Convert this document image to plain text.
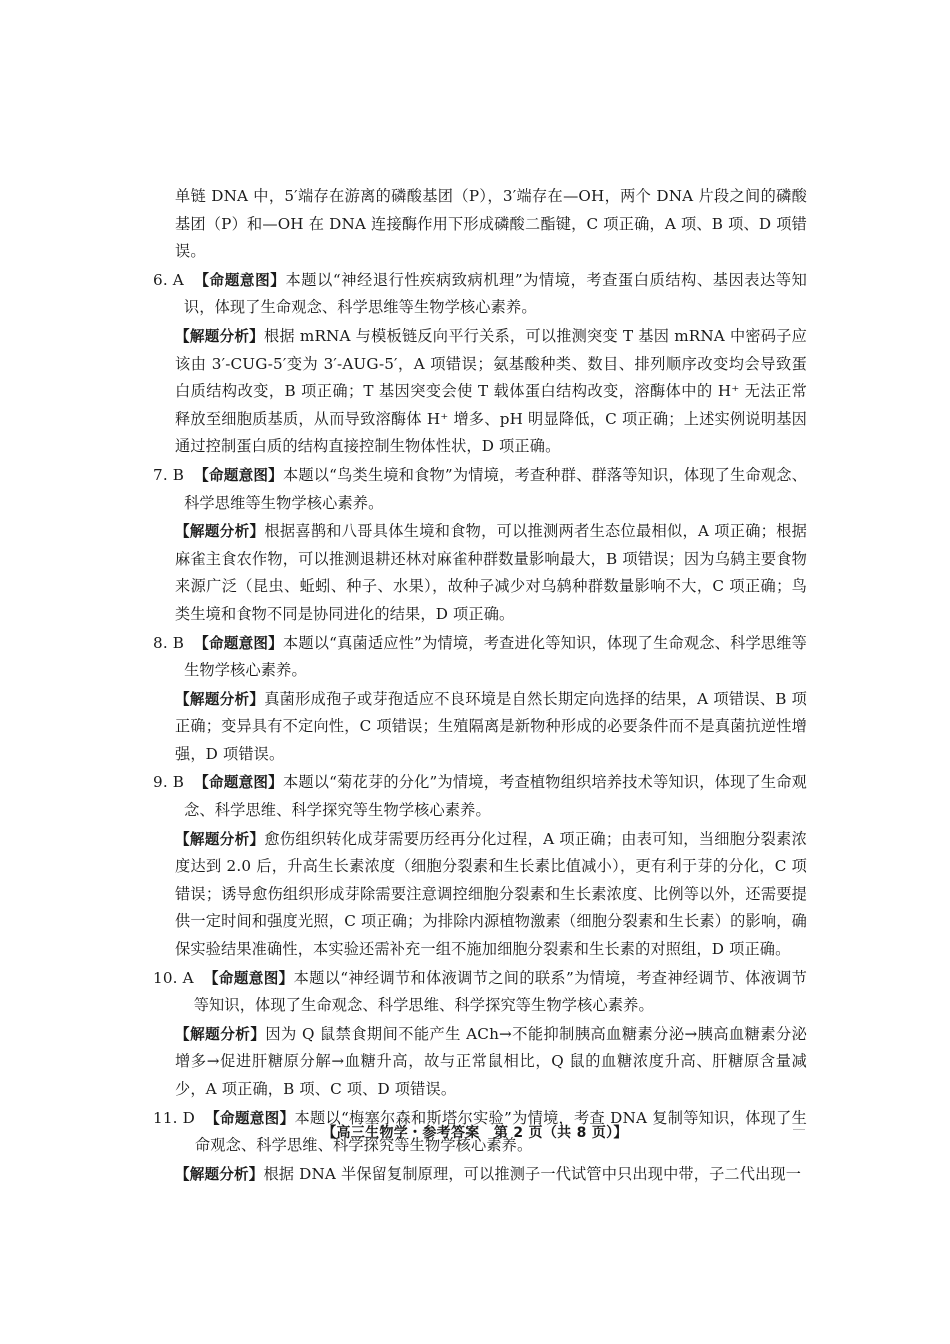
单链 DNA 中，5′端存在游离的磷酸基团（P），3′端存在—OH，两个 DNA 片段之间的磷酸基团（P）和—OH 在 DNA 连接酶作用下形成磷酸二酯键，C 项正确，A 项、B 项、D 项错误。

6. A 【命题意图】本题以“神经退行性疾病致病机理”为情境，考查蛋白质结构、基因表达等知识，体现了生命观念、科学思维等生物学核心素养。

【解题分析】根据 mRNA 与模板链反向平行关系，可以推测突变 T 基因 mRNA 中密码子应该由 3′-CUG-5′变为 3′-AUG-5′，A 项错误；氨基酸种类、数目、排列顺序改变均会导致蛋白质结构改变，B 项正确；T 基因突变会使 T 载体蛋白结构改变，溶酶体中的 H⁺ 无法正常释放至细胞质基质，从而导致溶酶体 H⁺ 增多、pH 明显降低，C 项正确；上述实例说明基因通过控制蛋白质的结构直接控制生物体性状，D 项正确。

7. B 【命题意图】本题以“鸟类生境和食物”为情境，考查种群、群落等知识，体现了生命观念、科学思维等生物学核心素养。

【解题分析】根据喜鹊和八哥具体生境和食物，可以推测两者生态位最相似，A 项正确；根据麻雀主食农作物，可以推测退耕还林对麻雀种群数量影响最大，B 项错误；因为乌鸫主要食物来源广泛（昆虫、蚯蚓、种子、水果），故种子减少对乌鸫种群数量影响不大，C 项正确；鸟类生境和食物不同是协同进化的结果，D 项正确。

8. B 【命题意图】本题以“真菌适应性”为情境，考查进化等知识，体现了生命观念、科学思维等生物学核心素养。

【解题分析】真菌形成孢子或芽孢适应不良环境是自然长期定向选择的结果，A 项错误、B 项正确；变异具有不定向性，C 项错误；生殖隔离是新物种形成的必要条件而不是真菌抗逆性增强，D 项错误。

9. B 【命题意图】本题以“菊花芽的分化”为情境，考查植物组织培养技术等知识，体现了生命观念、科学思维、科学探究等生物学核心素养。

【解题分析】愈伤组织转化成芽需要历经再分化过程，A 项正确；由表可知，当细胞分裂素浓度达到 2.0 后，升高生长素浓度（细胞分裂素和生长素比值减小），更有利于芽的分化，C 项错误；诱导愈伤组织形成芽除需要注意调控细胞分裂素和生长素浓度、比例等以外，还需要提供一定时间和强度光照，C 项正确；为排除内源植物激素（细胞分裂素和生长素）的影响，确保实验结果准确性，本实验还需补充一组不施加细胞分裂素和生长素的对照组，D 项正确。

10. A 【命题意图】本题以“神经调节和体液调节之间的联系”为情境，考查神经调节、体液调节等知识，体现了生命观念、科学思维、科学探究等生物学核心素养。

【解题分析】因为 Q 鼠禁食期间不能产生 ACh→不能抑制胰高血糖素分泌→胰高血糖素分泌增多→促进肝糖原分解→血糖升高，故与正常鼠相比，Q 鼠的血糖浓度升高、肝糖原含量减少，A 项正确，B 项、C 项、D 项错误。

11. D 【命题意图】本题以“梅塞尔森和斯塔尔实验”为情境，考查 DNA 复制等知识，体现了生命观念、科学思维、科学探究等生物学核心素养。

【解题分析】根据 DNA 半保留复制原理，可以推测子一代试管中只出现中带，子二代出现一

【高三生物学・参考答案　第 2 页（共 8 页）】
